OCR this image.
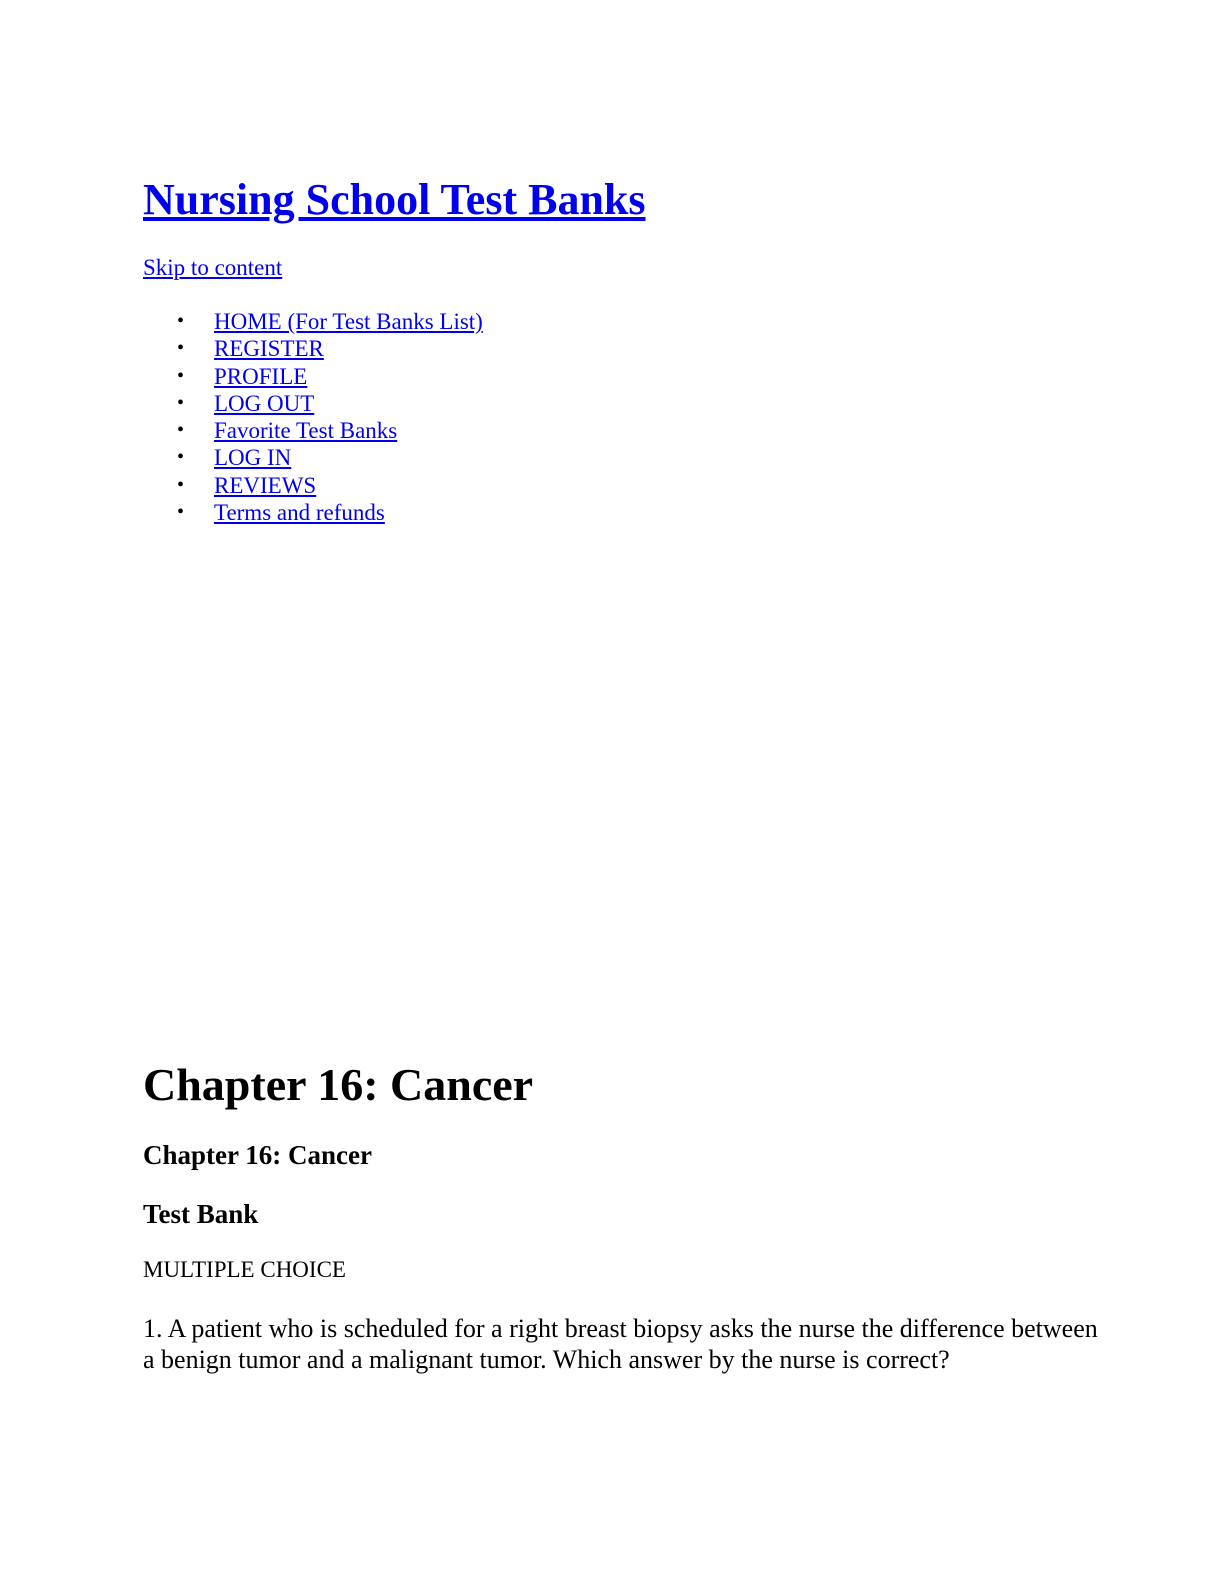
Nursing School Test Banks
Skip to content
• HOME (For Test Banks List)
• REGISTER
• PROFILE
• LOG OUT
• Favorite Test Banks
• LOG IN
• REVIEWS
• Terms and refunds
Chapter 16: Cancer
Chapter 16: Cancer
Test Bank

MULTIPLE CHOICE

1. A patient who is scheduled for a right breast biopsy asks the nurse the difference between a benign tumor and a malignant tumor. Which answer by the nurse is correct?
